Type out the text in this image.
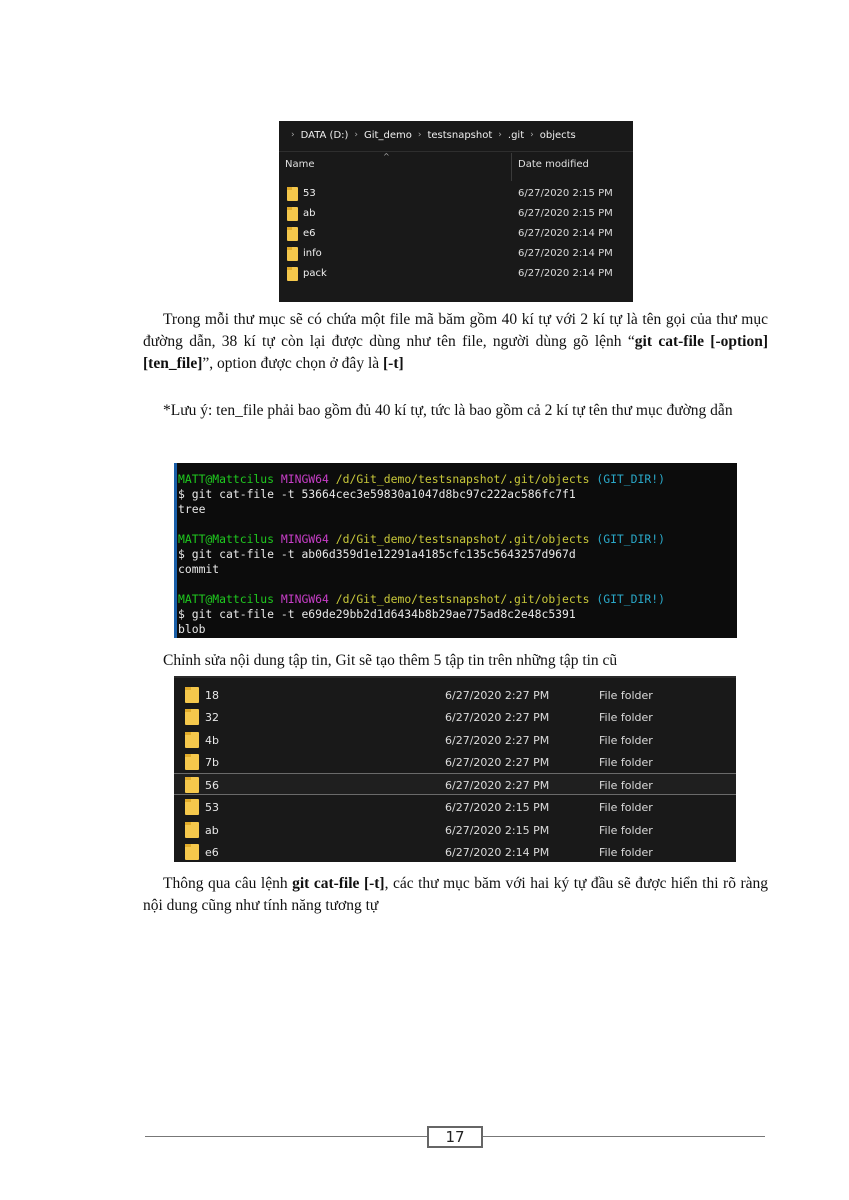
› DATA (D:) › Git_demo › testsnapshot › .git › objects
^
Name	Date modified
53	6/27/2020 2:15 PM
ab	6/27/2020 2:15 PM
e6	6/27/2020 2:14 PM
info	6/27/2020 2:14 PM
pack	6/27/2020 2:14 PM
Trong mỗi thư mục sẽ có chứa một file mã băm gồm 40 kí tự với 2 kí tự là tên gọi của thư mục đường dẫn, 38 kí tự còn lại được dùng như tên file, người dùng gõ lệnh “git cat-file [-option] [ten_file]”, option được chọn ở đây là [-t]
*Lưu ý: ten_file phải bao gồm đủ 40 kí tự, tức là bao gồm cả 2 kí tự tên thư mục đường dẫn
MATT@Mattcilus MINGW64 /d/Git_demo/testsnapshot/.git/objects (GIT_DIR!)
$ git cat-file -t 53664cec3e59830a1047d8bc97c222ac586fc7f1
tree
MATT@Mattcilus MINGW64 /d/Git_demo/testsnapshot/.git/objects (GIT_DIR!)
$ git cat-file -t ab06d359d1e12291a4185cfc135c5643257d967d
commit
MATT@Mattcilus MINGW64 /d/Git_demo/testsnapshot/.git/objects (GIT_DIR!)
$ git cat-file -t e69de29bb2d1d6434b8b29ae775ad8c2e48c5391
blob
Chỉnh sửa nội dung tập tin, Git sẽ tạo thêm 5 tập tin trên những tập tin cũ
18	6/27/2020 2:27 PM	File folder
32	6/27/2020 2:27 PM	File folder
4b	6/27/2020 2:27 PM	File folder
7b	6/27/2020 2:27 PM	File folder
56	6/27/2020 2:27 PM	File folder
53	6/27/2020 2:15 PM	File folder
ab	6/27/2020 2:15 PM	File folder
e6	6/27/2020 2:14 PM	File folder
Thông qua câu lệnh git cat-file [-t], các thư mục băm với hai ký tự đầu sẽ được hiển thi rõ ràng nội dung cũng như tính năng tương tự
17
